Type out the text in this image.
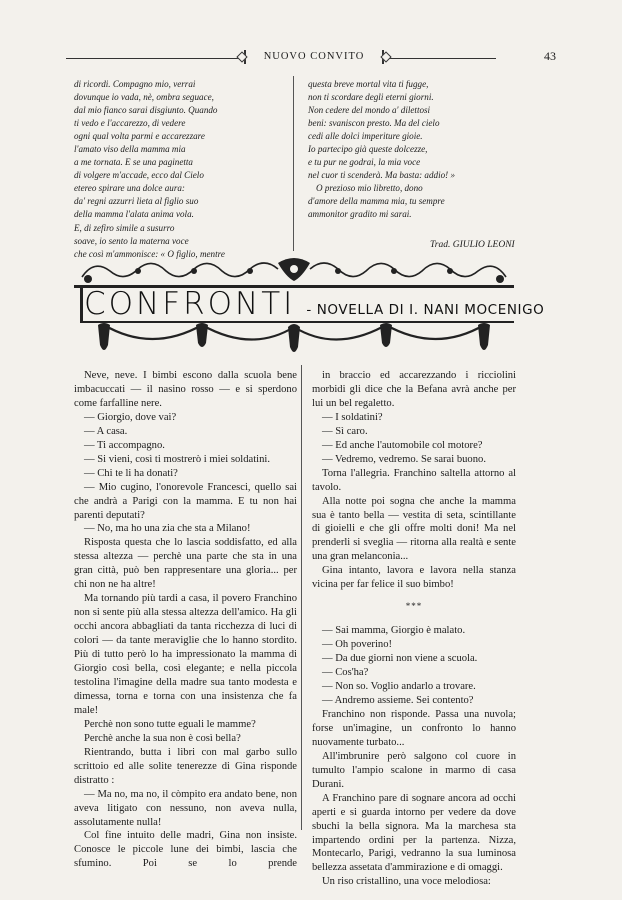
NUOVO CONVITO	43
di ricordi. Compagno mio, verrai
dovunque io vada, nè, ombra seguace,
dal mio fianco sarai disgiunto. Quando
ti vedo e l'accarezzo, di vedere
ogni qual volta parmi e accarezzare
l'amato viso della mamma mia
a me tornata. E se una paginetta
di volgere m'accade, ecco dal Cielo
etereo spirare una dolce aura:
da' regni azzurri lieta al figlio suo
della mamma l'alata anima vola.
E, di zefiro simile a susurro
soave, io sento la materna voce
che così m'ammonisce: « O figlio, mentre
questa breve mortal vita ti fugge,
non ti scordare degli eterni giorni.
Non cedere del mondo a' dilettosi
beni: svaniscon presto. Ma del cielo
cedi alle dolci imperiture gioie.
Io partecipo già queste dolcezze,
e tu pur ne godrai, la mia voce
nel cuor ti scenderà. Ma basta: addio! »
O prezioso mio libretto, dono
d'amore della mamma mia, tu sempre
ammonitor gradito mi sarai.
Trad. GIULIO LEONI
CONFRONTI - NOVELLA DI I. NANI MOCENIGO

Neve, neve. I bimbi escono dalla scuola bene imbacuccati — il nasino rosso — e si sperdono come farfalline nere.

— Giorgio, dove vai?

— A casa.

— Ti accompagno.

— Si vieni, così ti mostrerò i miei soldatini.

— Chi te li ha donati?

— Mio cugino, l'onorevole Francesci, quello sai che andrà a Parigi con la mamma. E tu non hai parenti deputati?

— No, ma ho una zia che sta a Milano!

Risposta questa che lo lascia soddisfatto, ed alla stessa altezza — perchè una parte che sta in una gran città, può ben rappresentare una gloria... per chi non ne ha altre!

Ma tornando più tardi a casa, il povero Franchino non si sente più alla stessa altezza dell'amico. Ha gli occhi ancora abbagliati da tanta ricchezza di luci di colori — da tante meraviglie che lo hanno stordito. Più di tutto però lo ha impressionato la mamma di Giorgio così bella, così elegante; e nella piccola testolina l'imagine della madre sua tanto modesta e dimessa, torna e torna con una insistenza che fa male!

Perchè non sono tutte eguali le mamme?

Perchè anche la sua non è così bella?

Rientrando, butta i libri con mal garbo sullo scrittoio ed alle solite tenerezze di Gina risponde distratto :

— Ma no, ma no, il còmpito era andato bene, non aveva litigato con nessuno, non aveva nulla, assolutamente nulla!

Col fine intuito delle madri, Gina non insiste. Conosce le piccole lune dei bimbi, lascia che sfumino. Poi se lo prende

in braccio ed accarezzando i ricciolini morbidi gli dice che la Befana avrà anche per lui un bel regaletto.

— I soldatini?

— Sì caro.

— Ed anche l'automobile col motore?

— Vedremo, vedremo. Se sarai buono.

Torna l'allegria. Franchino saltella attorno al tavolo.

Alla notte poi sogna che anche la mamma sua è tanto bella — vestita di seta, scintillante di gioielli e che gli offre molti doni! Ma nel prenderli si sveglia — ritorna alla realtà e sente una gran melanconia...

Gina intanto, lavora e lavora nella stanza vicina per far felice il suo bimbo!

***

— Sai mamma, Giorgio è malato.

— Oh poverino!

— Da due giorni non viene a scuola.

— Cos'ha?

— Non so. Voglio andarlo a trovare.

— Andremo assieme. Sei contento?

Franchino non risponde. Passa una nuvola; forse un'imagine, un confronto lo hanno nuovamente turbato...

All'imbrunire però salgono col cuore in tumulto l'ampio scalone in marmo di casa Durani.

A Franchino pare di sognare ancora ad occhi aperti e si guarda intorno per vedere da dove sbuchi la bella signora. Ma la marchesa sta impartendo ordini per la partenza. Nizza, Montecarlo, Parigi, vedranno la sua luminosa bellezza assetata d'ammirazione e di omaggi.

Un riso cristallino, una voce melodiosa:
